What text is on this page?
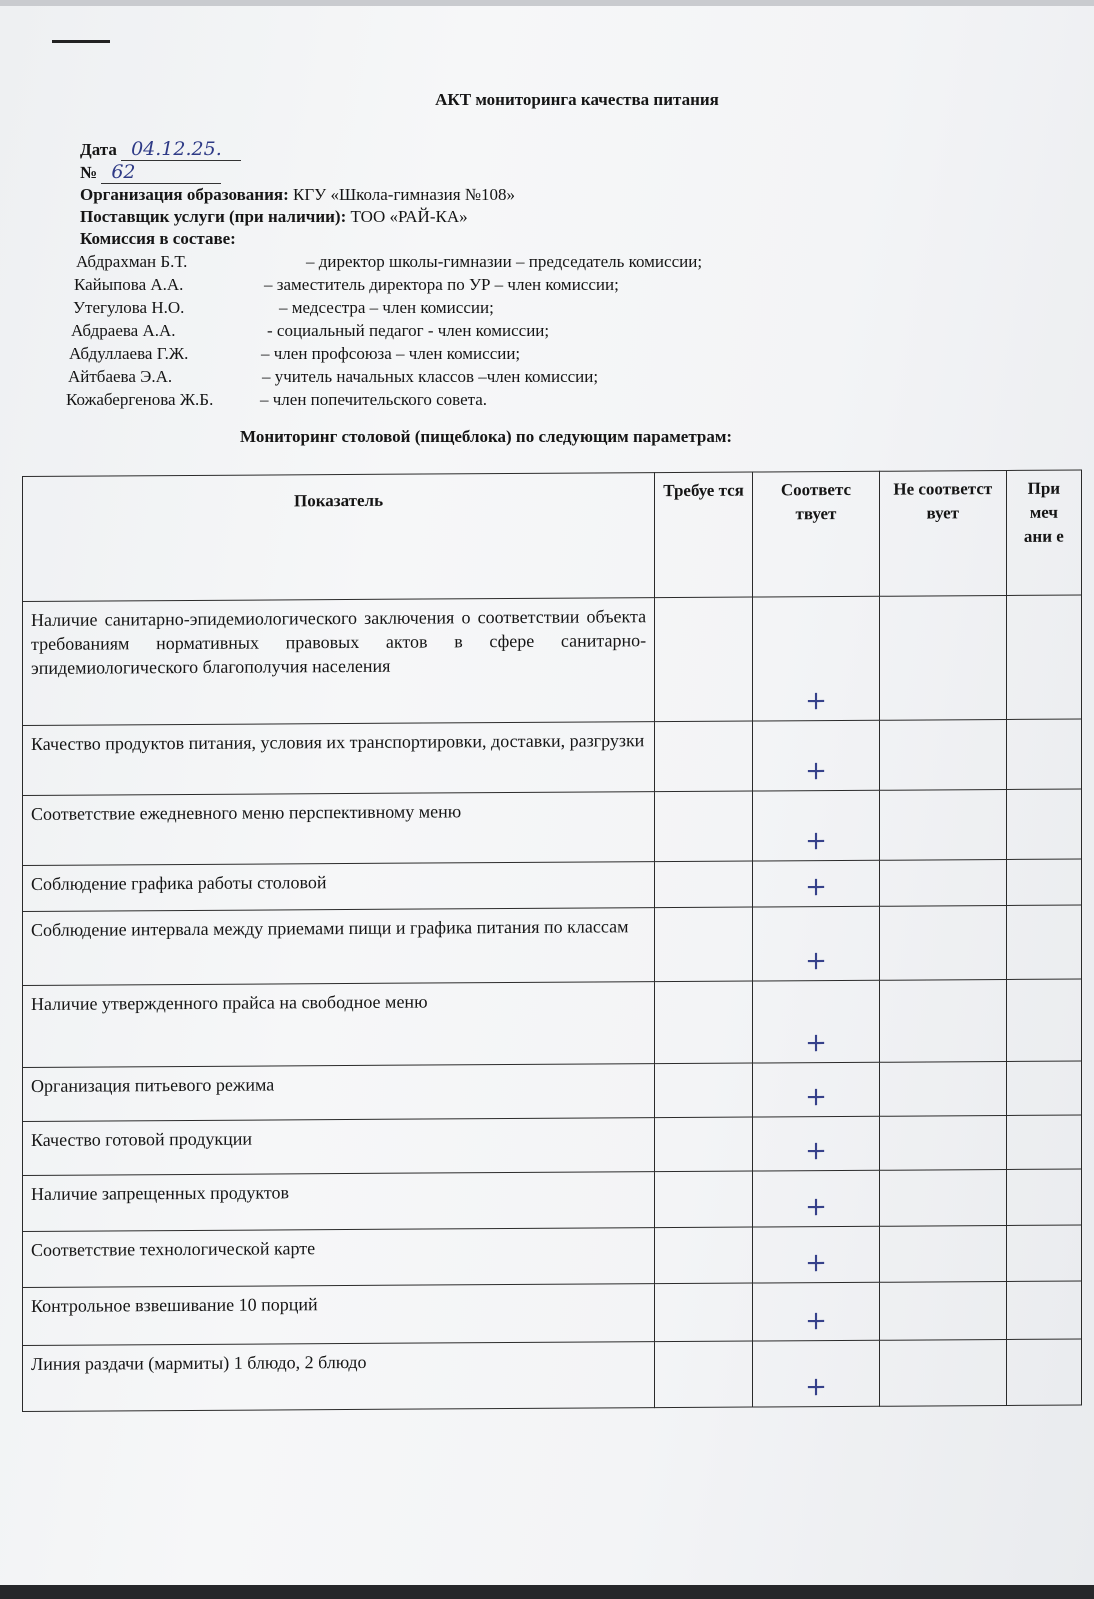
АКТ мониторинга качества питания
Дата 04.12.25.
№ 62
Организация образования: КГУ «Школа-гимназия №108»
Поставщик услуги (при наличии): ТОО «РАЙ-КА»
Комиссия в составе:
Абдрахман Б.Т.	– директор школы-гимназии – председатель комиссии;
Кайыпова А.А.	– заместитель директора по УР – член комиссии;
Утегулова Н.О.	– медсестра – член комиссии;
Абдраева А.А.	- социальный педагог - член комиссии;
Абдуллаева Г.Ж.	– член профсоюза – член комиссии;
Айтбаева Э.А.	– учитель начальных классов –член комиссии;
Кожабергенова Ж.Б.	– член попечительского совета.
Мониторинг столовой (пищеблока) по следующим параметрам:
Показатель	Требуе тся	Соответс твует	Не соответст вует	При меч ани е
Наличие санитарно-эпидемиологического заключения о соответствии объекта требованиям нормативных правовых актов в сфере санитарно-эпидемиологического благополучия населения		+		
Качество продуктов питания, условия их транспортировки, доставки, разгрузки		+		
Соответствие ежедневного меню перспективному меню		+		
Соблюдение графика работы столовой		+		
Соблюдение интервала между приемами пищи и графика питания по классам		+		
Наличие утвержденного прайса на свободное меню		+		
Организация питьевого режима		+		
Качество готовой продукции		+		
Наличие запрещенных продуктов		+		
Соответствие технологической карте		+		
Контрольное взвешивание 10 порций		+		
Линия раздачи (мармиты) 1 блюдо, 2 блюдо		+		
